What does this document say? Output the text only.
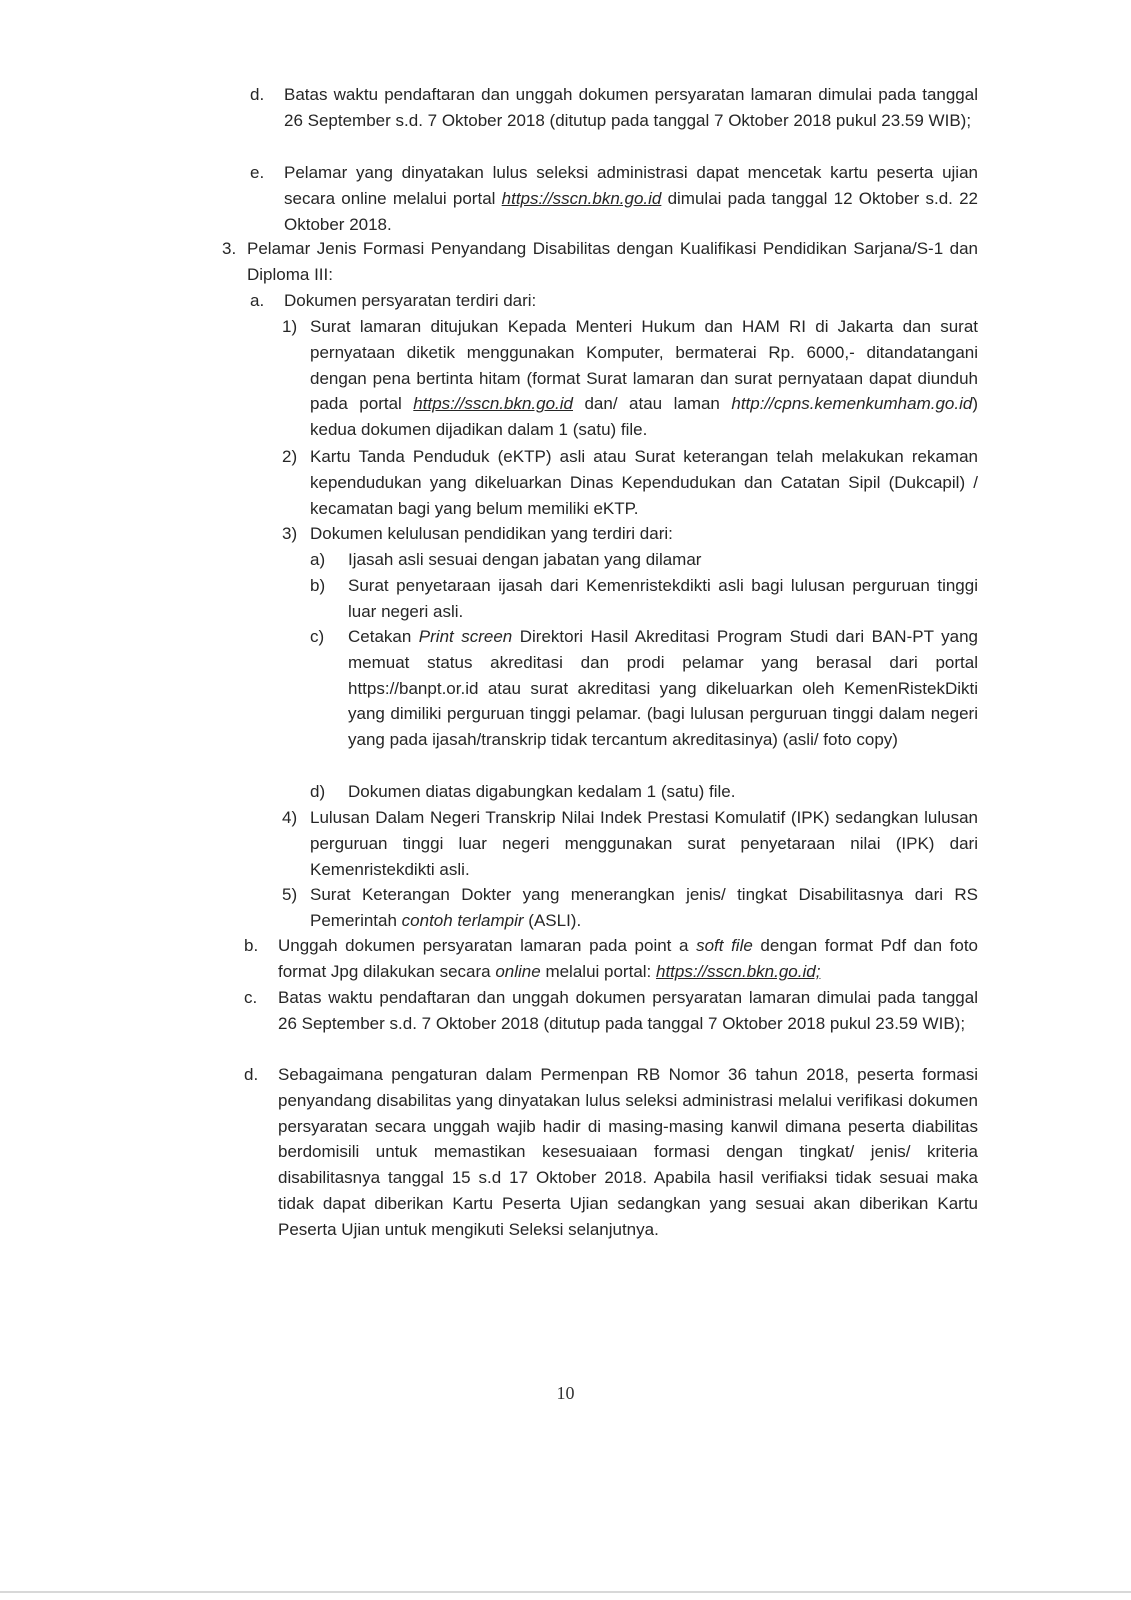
d. Batas waktu pendaftaran dan unggah dokumen persyaratan lamaran dimulai pada tanggal 26 September s.d. 7 Oktober 2018 (ditutup pada tanggal 7 Oktober 2018 pukul 23.59 WIB);
e. Pelamar yang dinyatakan lulus seleksi administrasi dapat mencetak kartu peserta ujian secara online melalui portal https://sscn.bkn.go.id dimulai pada tanggal 12 Oktober s.d. 22 Oktober 2018.
3. Pelamar Jenis Formasi Penyandang Disabilitas dengan Kualifikasi Pendidikan Sarjana/S-1 dan Diploma III:
a. Dokumen persyaratan terdiri dari:
1) Surat lamaran ditujukan Kepada Menteri Hukum dan HAM RI di Jakarta dan surat pernyataan diketik menggunakan Komputer, bermaterai Rp. 6000,- ditandatangani dengan pena bertinta hitam (format Surat lamaran dan surat pernyataan dapat diunduh pada portal https://sscn.bkn.go.id dan/ atau laman http://cpns.kemenkumham.go.id) kedua dokumen dijadikan dalam 1 (satu) file.
2) Kartu Tanda Penduduk (eKTP) asli atau Surat keterangan telah melakukan rekaman kependudukan yang dikeluarkan Dinas Kependudukan dan Catatan Sipil (Dukcapil) / kecamatan bagi yang belum memiliki eKTP.
3) Dokumen kelulusan pendidikan yang terdiri dari:
a) Ijasah asli sesuai dengan jabatan yang dilamar
b) Surat penyetaraan ijasah dari Kemenristekdikti asli bagi lulusan perguruan tinggi luar negeri asli.
c) Cetakan Print screen Direktori Hasil Akreditasi Program Studi dari BAN-PT yang memuat status akreditasi dan prodi pelamar yang berasal dari portal https://banpt.or.id atau surat akreditasi yang dikeluarkan oleh KemenRistekDikti yang dimiliki perguruan tinggi pelamar. (bagi lulusan perguruan tinggi dalam negeri yang pada ijasah/transkrip tidak tercantum akreditasinya) (asli/ foto copy)
d) Dokumen diatas digabungkan kedalam 1 (satu) file.
4) Lulusan Dalam Negeri Transkrip Nilai Indek Prestasi Komulatif (IPK) sedangkan lulusan perguruan tinggi luar negeri menggunakan surat penyetaraan nilai (IPK) dari Kemenristekdikti asli.
5) Surat Keterangan Dokter yang menerangkan jenis/ tingkat Disabilitasnya dari RS Pemerintah contoh terlampir (ASLI).
b. Unggah dokumen persyaratan lamaran pada point a soft file dengan format Pdf dan foto format Jpg dilakukan secara online melalui portal: https://sscn.bkn.go.id;
c. Batas waktu pendaftaran dan unggah dokumen persyaratan lamaran dimulai pada tanggal 26 September s.d. 7 Oktober 2018 (ditutup pada tanggal 7 Oktober 2018 pukul 23.59 WIB);
d. Sebagaimana pengaturan dalam Permenpan RB Nomor 36 tahun 2018, peserta formasi penyandang disabilitas yang dinyatakan lulus seleksi administrasi melalui verifikasi dokumen persyaratan secara unggah wajib hadir di masing-masing kanwil dimana peserta diabilitas berdomisili untuk memastikan kesesuaiaan formasi dengan tingkat/ jenis/ kriteria disabilitasnya tanggal 15 s.d 17 Oktober 2018. Apabila hasil verifiaksi tidak sesuai maka tidak dapat diberikan Kartu Peserta Ujian sedangkan yang sesuai akan diberikan Kartu Peserta Ujian untuk mengikuti Seleksi selanjutnya.
10
